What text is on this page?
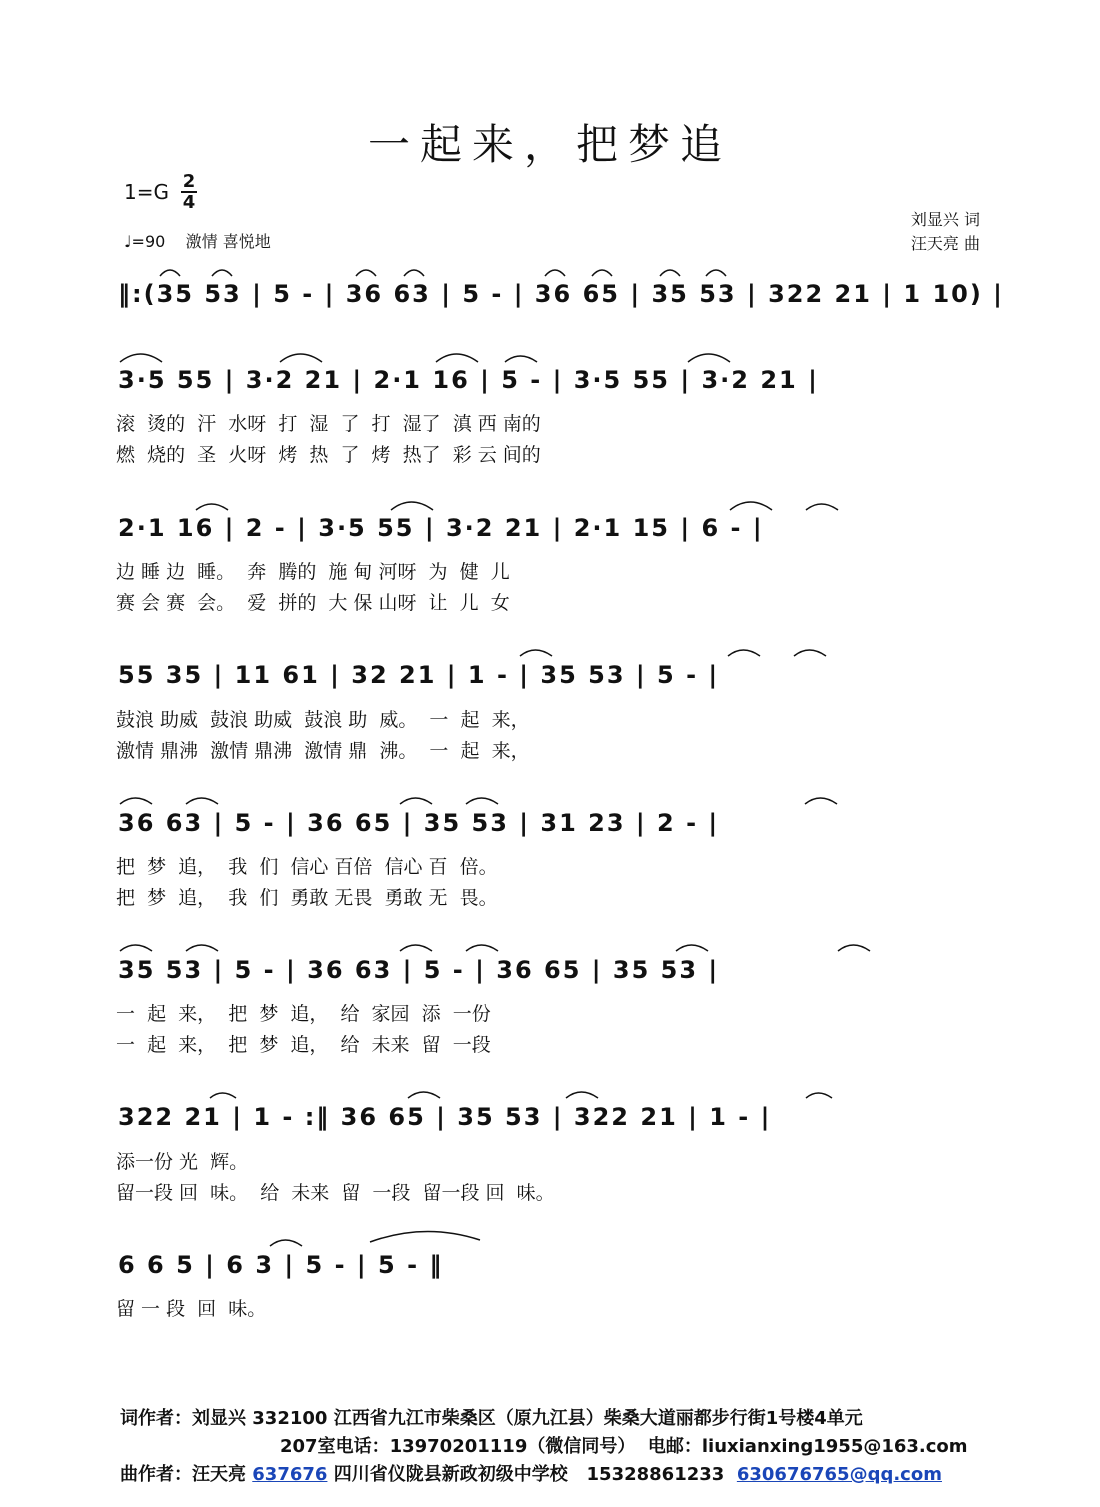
一起来，把梦追
1=G 2
4
♩=90 激情 喜悦地
刘显兴 词
汪天亮 曲
‖:(35 53 | 5 - | 36 63 | 5 - | 36 65 | 35 53 | 322 21 | 1 10) |
3·5 55 | 3·2 21 | 2·1 16 | 5 - | 3·5 55 | 3·2 21 |
滚  烫的  汗  水呀  打  湿  了  打  湿了  滇 西 南的
燃  烧的  圣  火呀  烤  热  了  烤  热了  彩 云 间的
2·1 16 | 2 - | 3·5 55 | 3·2 21 | 2·1 15 | 6 - |
边 睡 边  睡。  奔  腾的  施 甸 河呀  为  健  儿
赛 会 赛  会。  爱  拼的  大 保 山呀  让  儿  女
55 35 | 11 61 | 32 21 | 1 - | 35 53 | 5 - |
鼓浪 助威  鼓浪 助威  鼓浪 助  威。  一  起  来，
激情 鼎沸  激情 鼎沸  激情 鼎  沸。  一  起  来，
36 63 | 5 - | 36 65 | 35 53 | 31 23 | 2 - |
把  梦  追，  我  们  信心 百倍  信心 百  倍。
把  梦  追，  我  们  勇敢 无畏  勇敢 无  畏。
35 53 | 5 - | 36 63 | 5 - | 36 65 | 35 53 |
一  起  来，  把  梦  追，  给  家园  添  一份
一  起  来，  把  梦  追，  给  未来  留  一段
322 21 | 1 - :‖ 36 65 | 35 53 | 322 21 | 1 - |
添一份 光  辉。
留一段 回  味。  给  未来  留  一段  留一段 回  味。
6 6 5 | 6 3 | 5 - | 5 - ‖
留 一 段  回  味。
词作者：刘显兴 332100 江西省九江市柴桑区（原九江县）柴桑大道丽都步行街1号楼4单元
207室电话：13970201119（微信同号）  电邮：liuxianxing1955@163.com
曲作者：汪天亮 637676 四川省仪陇县新政初级中学校 15328861233 630676765@qq.com
